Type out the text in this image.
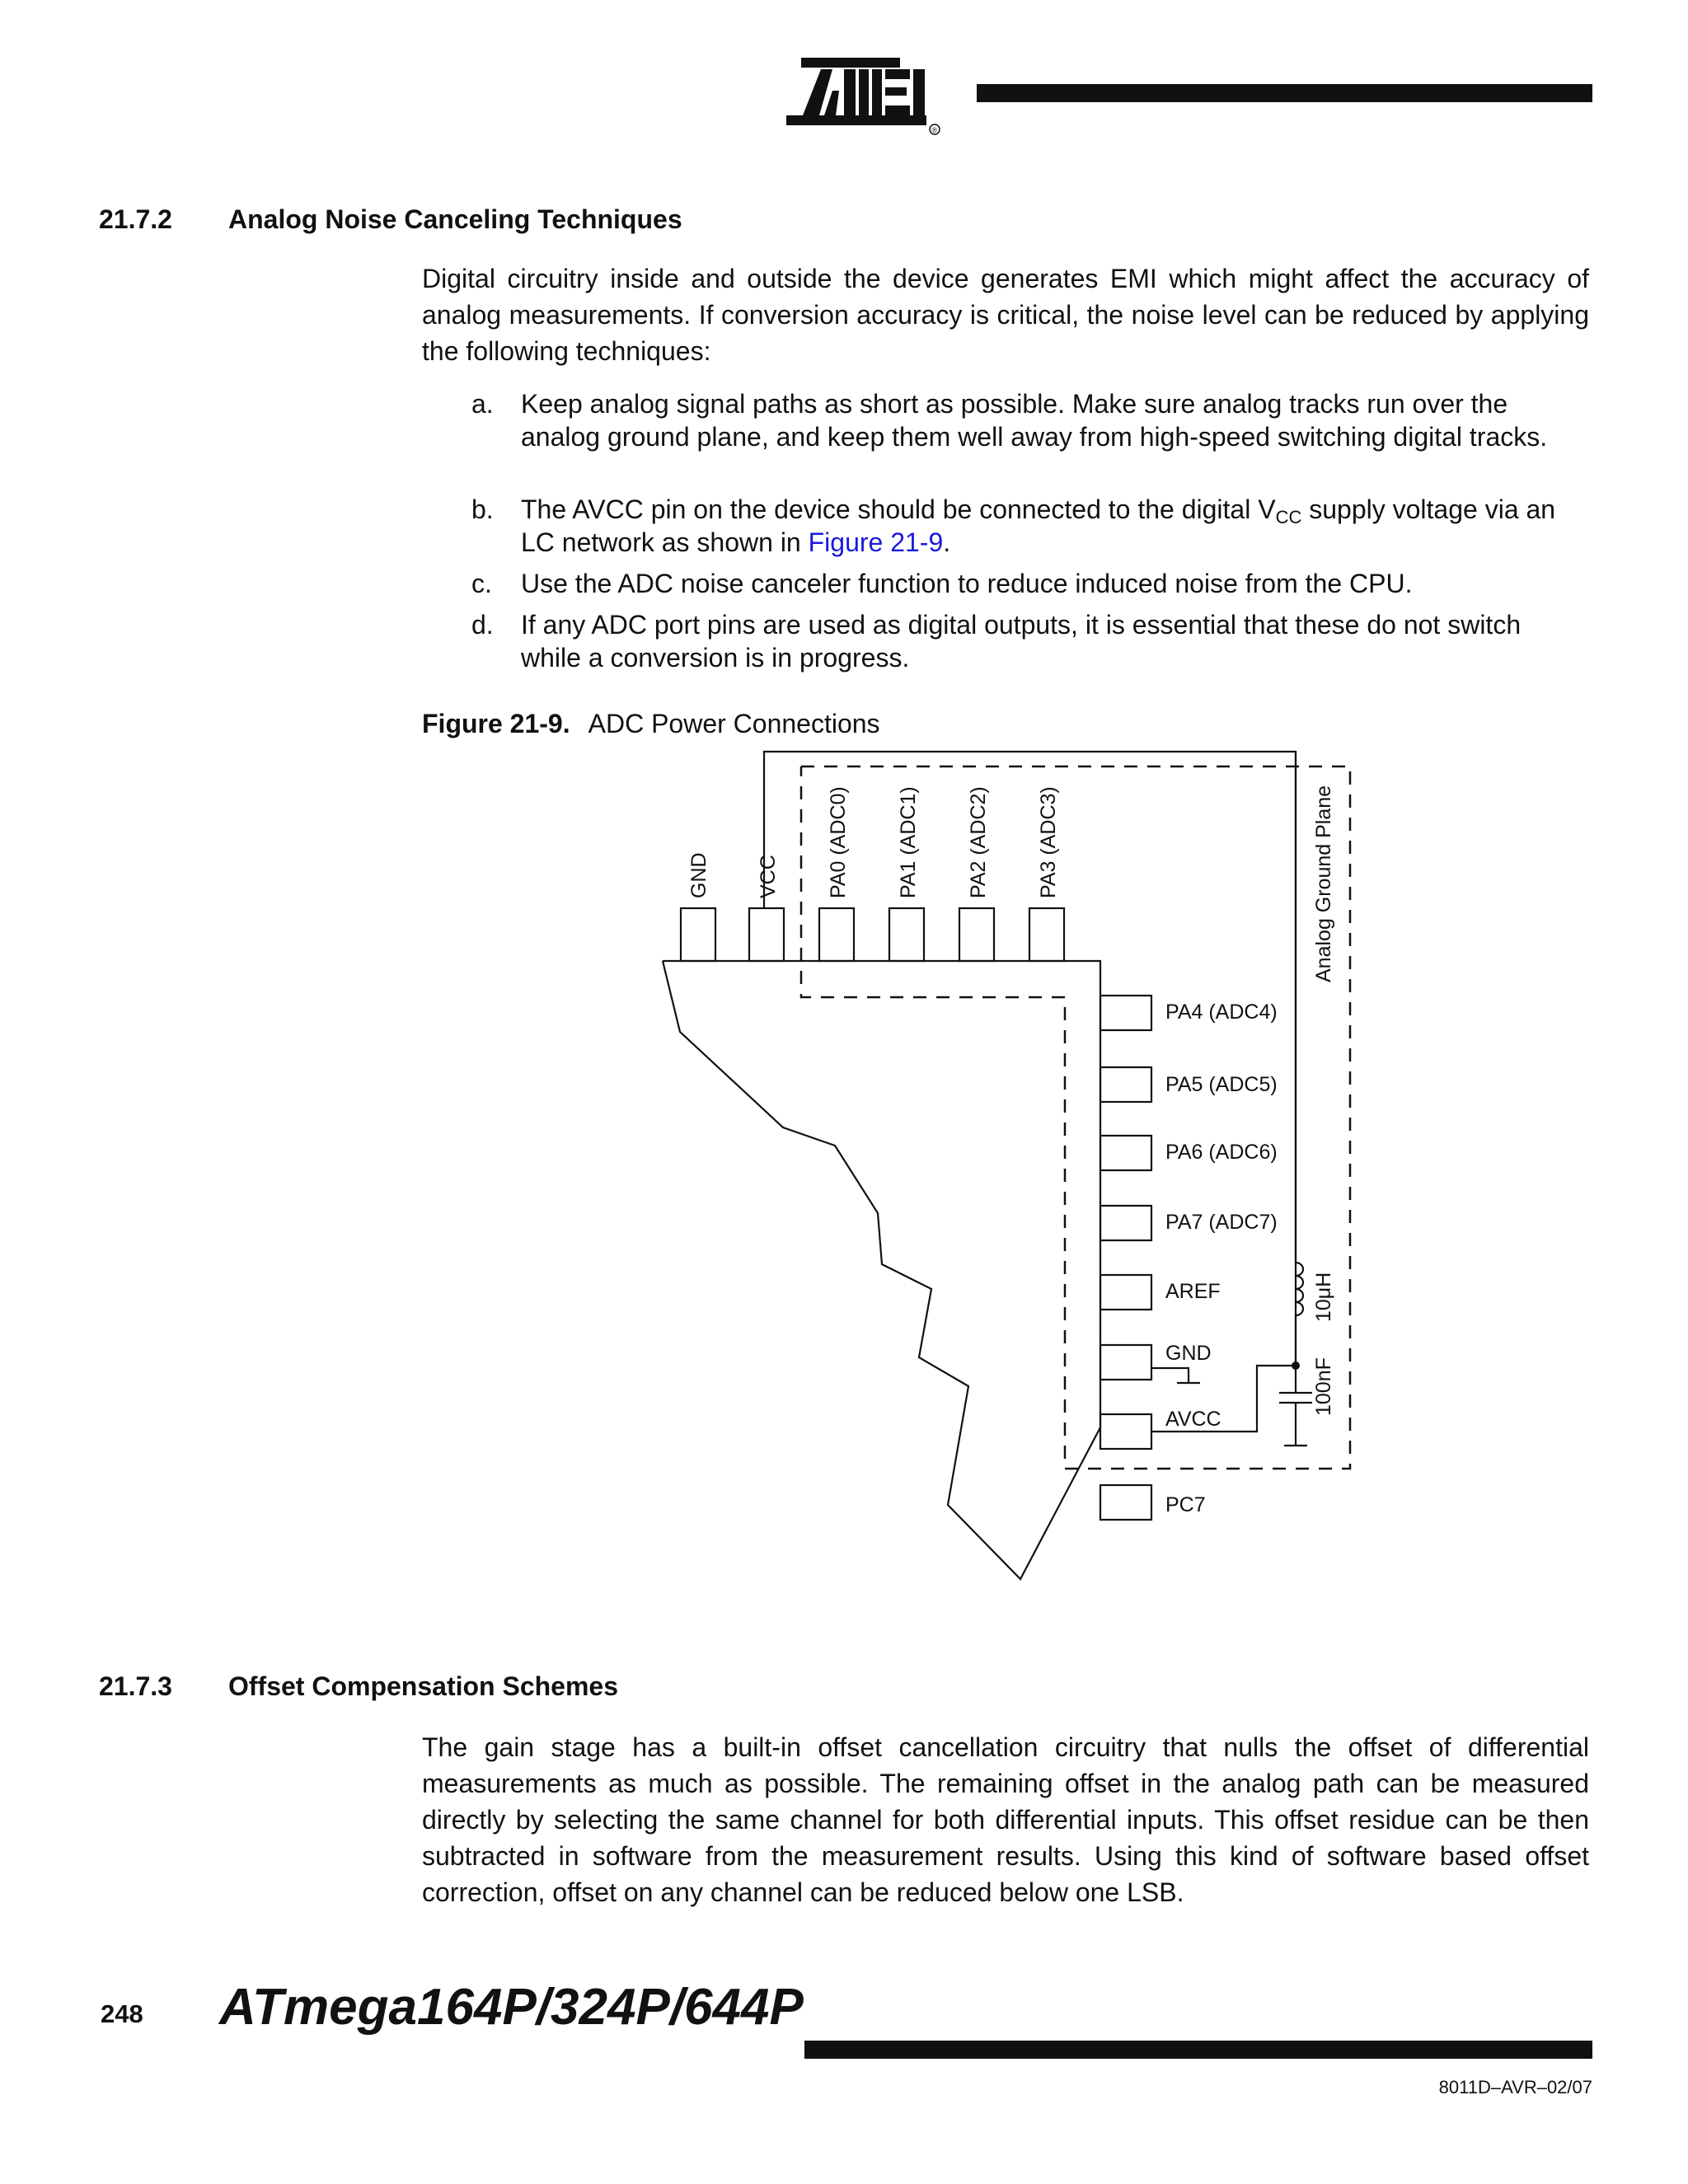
ATMEL
®
21.7.2 Analog Noise Canceling Techniques
Digital circuitry inside and outside the device generates EMI which might affect the accuracy of analog measurements. If conversion accuracy is critical, the noise level can be reduced by applying the following techniques:
a. Keep analog signal paths as short as possible. Make sure analog tracks run over the analog ground plane, and keep them well away from high-speed switching digital tracks.
b. The AVCC pin on the device should be connected to the digital $V_{CC}$ supply voltage via an LC network as shown in Figure 21-9.
c. Use the ADC noise canceler function to reduce induced noise from the CPU.
d. If any ADC port pins are used as digital outputs, it is essential that these do not switch while a conversion is in progress.
Figure 21-9. ADC Power Connections
GND VCC PA0 (ADC0) PA1 (ADC1) PA2 (ADC2) PA3 (ADC3)
PA4 (ADC4)
PA5 (ADC5)
PA6 (ADC6)
PA7 (ADC7)
AREF
GND
AVCC
PC7
Analog Ground Plane
10μH
100nF
21.7.3 Offset Compensation Schemes
The gain stage has a built-in offset cancellation circuitry that nulls the offset of differential measurements as much as possible. The remaining offset in the analog path can be measured directly by selecting the same channel for both differential inputs. This offset residue can be then subtracted in software from the measurement results. Using this kind of software based offset correction, offset on any channel can be reduced below one LSB.
248 ATmega164P/324P/644P
8011D–AVR–02/07
